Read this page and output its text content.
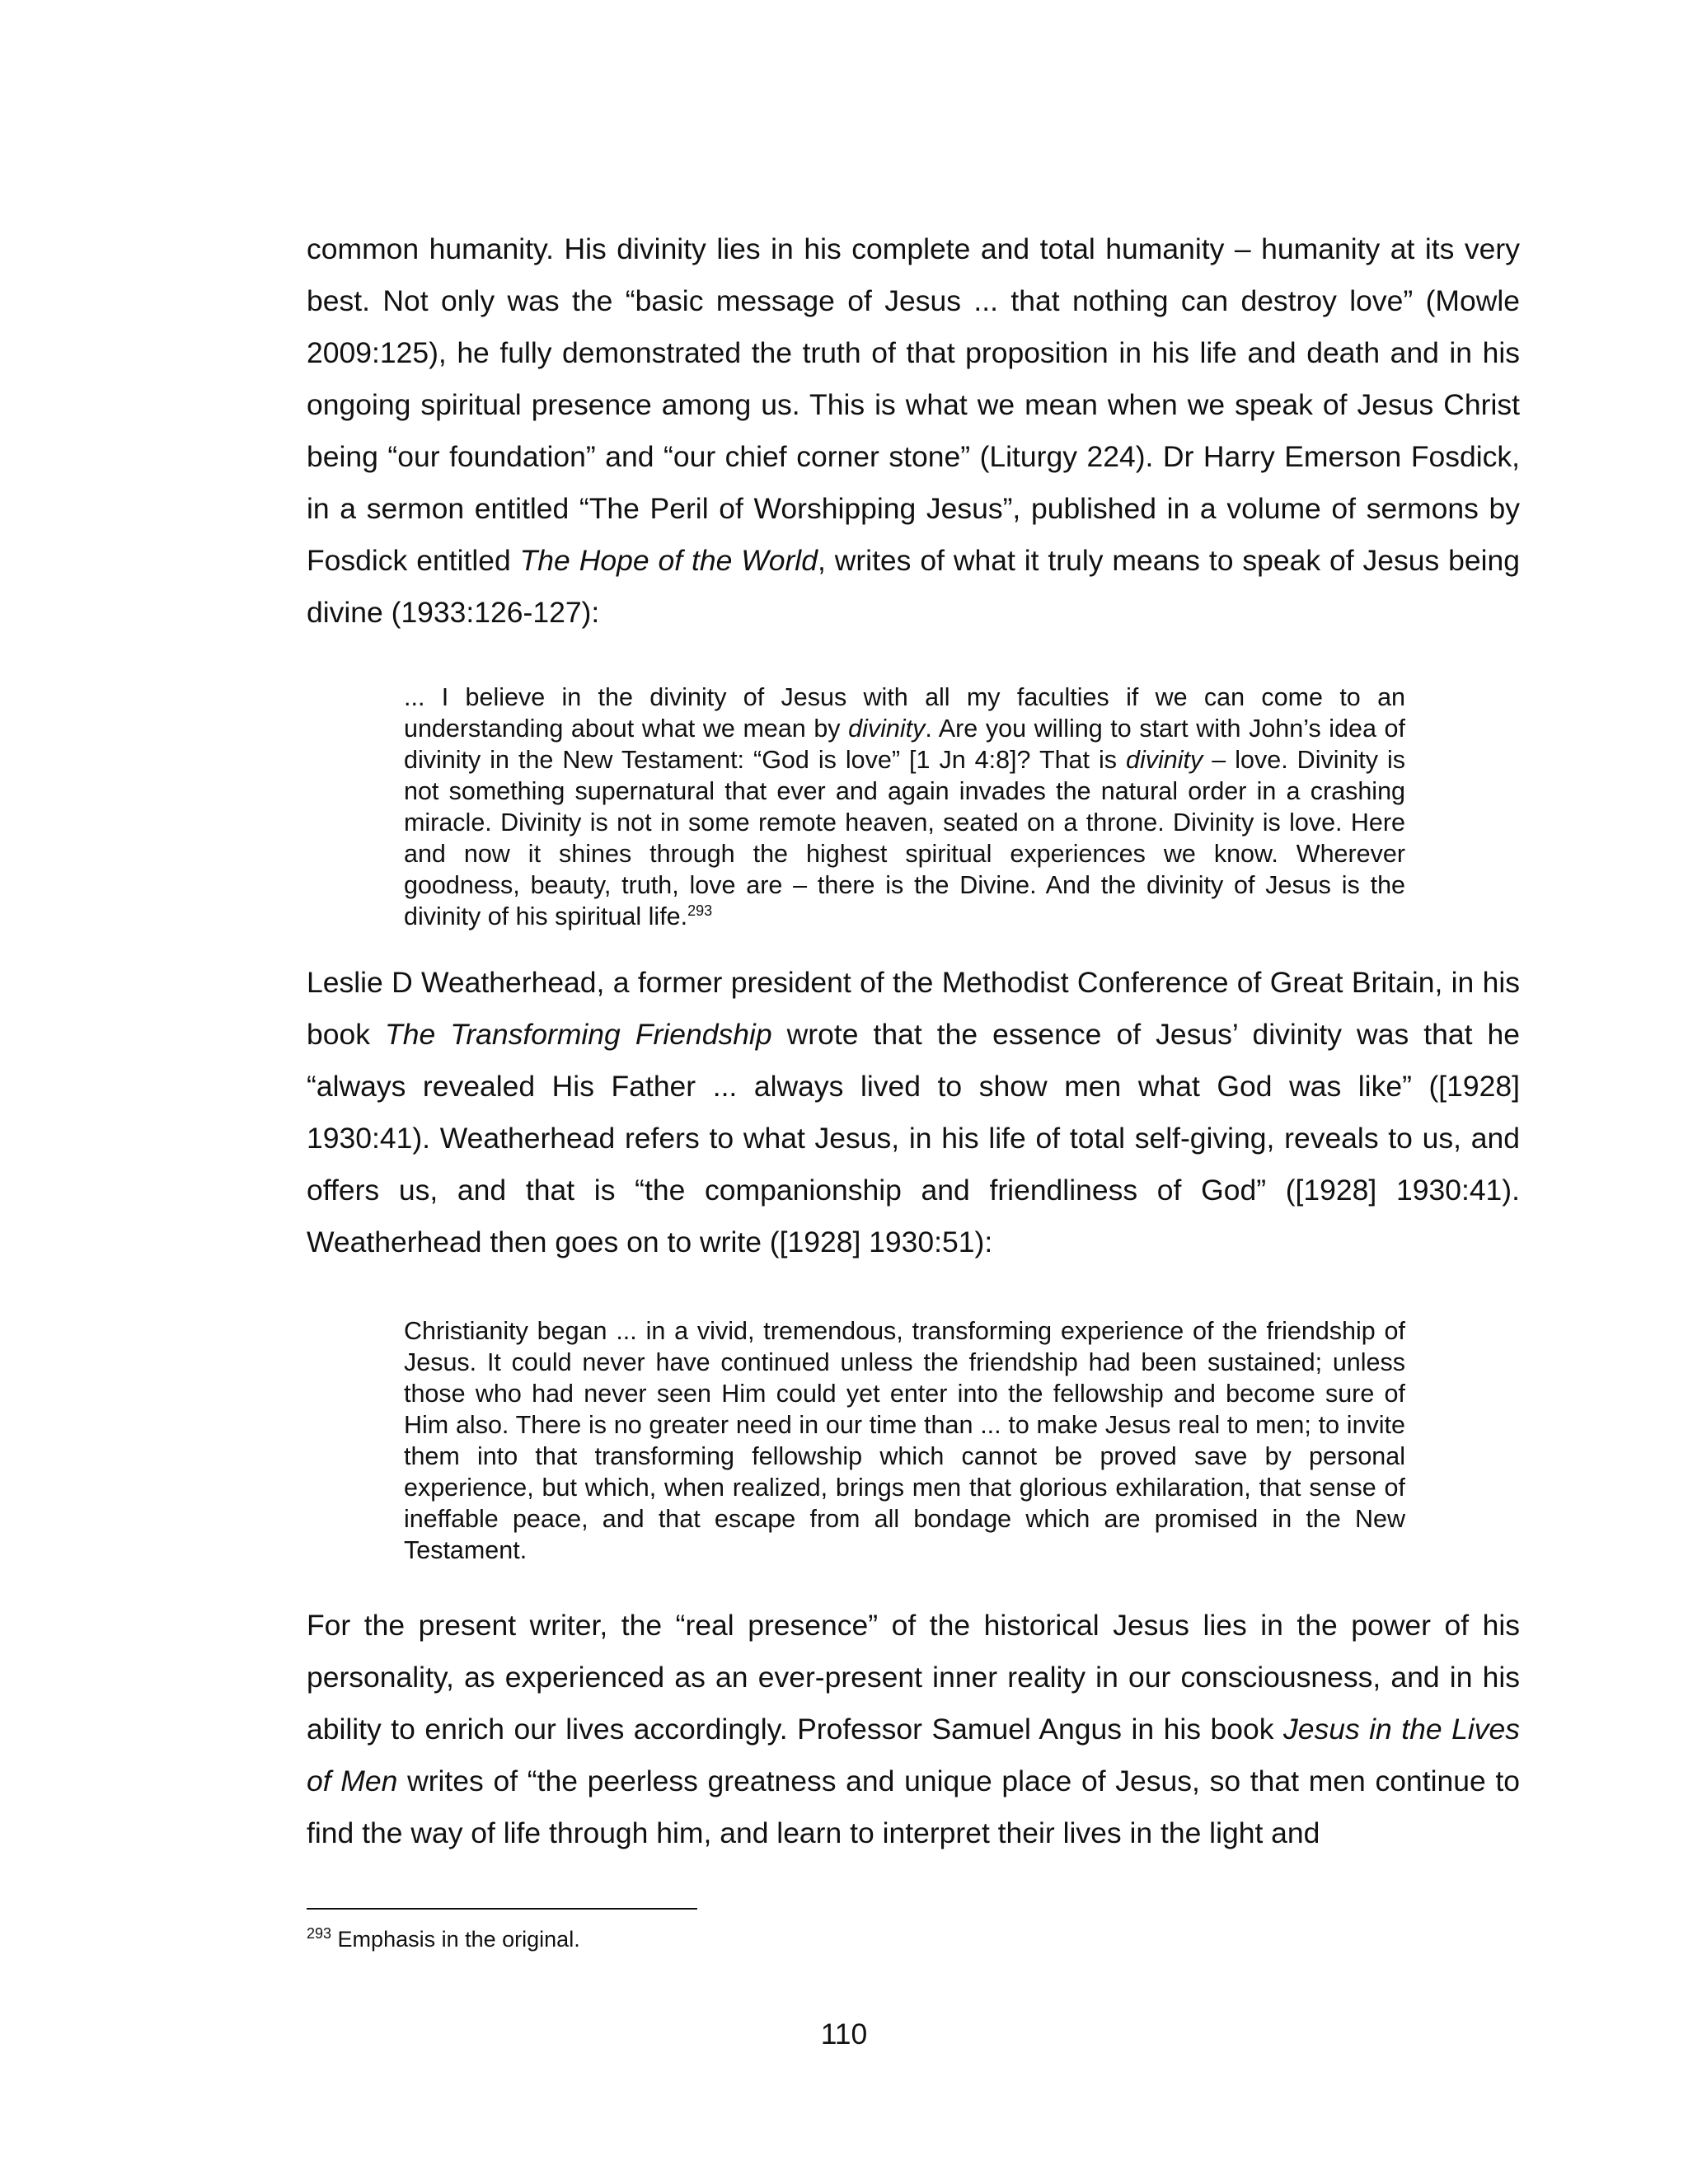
common humanity. His divinity lies in his complete and total humanity – humanity at its very best. Not only was the “basic message of Jesus ... that nothing can destroy love” (Mowle 2009:125), he fully demonstrated the truth of that proposition in his life and death and in his ongoing spiritual presence among us. This is what we mean when we speak of Jesus Christ being “our foundation” and “our chief corner stone” (Liturgy 224). Dr Harry Emerson Fosdick, in a sermon entitled “The Peril of Worshipping Jesus”, published in a volume of sermons by Fosdick entitled The Hope of the World, writes of what it truly means to speak of Jesus being divine (1933:126-127):

... I believe in the divinity of Jesus with all my faculties if we can come to an understanding about what we mean by divinity. Are you willing to start with John’s idea of divinity in the New Testament: “God is love” [1 Jn 4:8]? That is divinity – love. Divinity is not something supernatural that ever and again invades the natural order in a crashing miracle. Divinity is not in some remote heaven, seated on a throne. Divinity is love. Here and now it shines through the highest spiritual experiences we know. Wherever goodness, beauty, truth, love are – there is the Divine. And the divinity of Jesus is the divinity of his spiritual life.$^{293}$

Leslie D Weatherhead, a former president of the Methodist Conference of Great Britain, in his book The Transforming Friendship wrote that the essence of Jesus’ divinity was that he “always revealed His Father ... always lived to show men what God was like” ([1928] 1930:41). Weatherhead refers to what Jesus, in his life of total self-giving, reveals to us, and offers us, and that is “the companionship and friendliness of God” ([1928] 1930:41). Weatherhead then goes on to write ([1928] 1930:51):

Christianity began ... in a vivid, tremendous, transforming experience of the friendship of Jesus. It could never have continued unless the friendship had been sustained; unless those who had never seen Him could yet enter into the fellowship and become sure of Him also. There is no greater need in our time than ... to make Jesus real to men; to invite them into that transforming fellowship which cannot be proved save by personal experience, but which, when realized, brings men that glorious exhilaration, that sense of ineffable peace, and that escape from all bondage which are promised in the New Testament.

For the present writer, the “real presence” of the historical Jesus lies in the power of his personality, as experienced as an ever-present inner reality in our consciousness, and in his ability to enrich our lives accordingly. Professor Samuel Angus in his book Jesus in the Lives of Men writes of “the peerless greatness and unique place of Jesus, so that men continue to find the way of life through him, and learn to interpret their lives in the light and

$^{293}$ Emphasis in the original.

110
